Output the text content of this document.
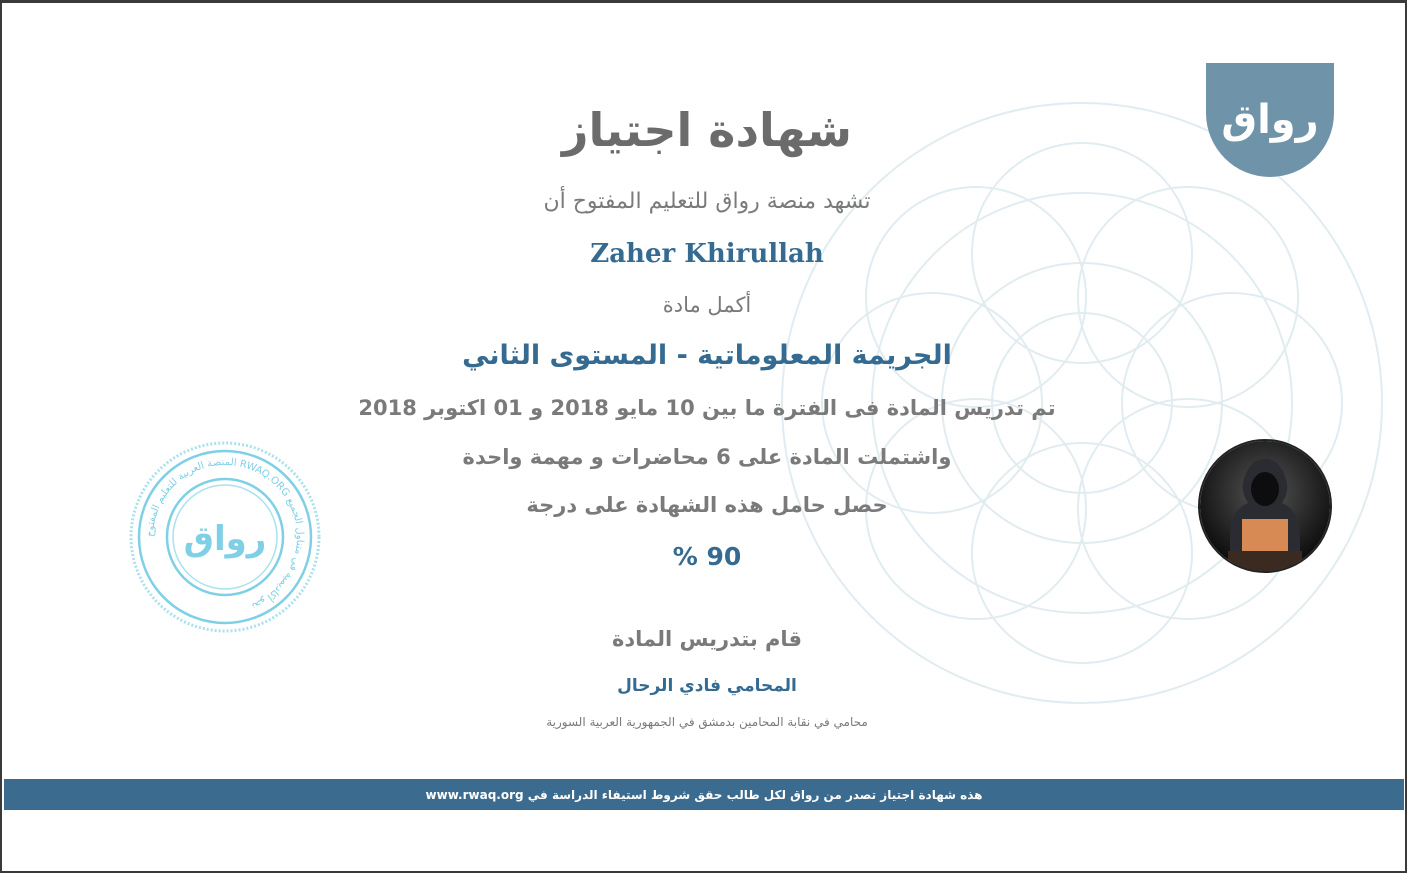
رواق
شهادة اجتياز
تشهد منصة رواق للتعليم المفتوح أن
Zaher Khirullah
أكمل مادة
الجريمة المعلوماتية - المستوى الثاني
تم تدريس المادة فى الفترة ما بين 10 مايو 2018 و 01 اكتوبر 2018
واشتملت المادة على 6 محاضرات و مهمة واحدة
حصل حامل هذه الشهادة على درجة
90 %
قام بتدريس المادة
المحامي فادي الرحال
محامي في نقابة المحامين بدمشق في الجمهورية العربية السورية
المنصة العربية للتعليم المفتوح RWAQ.ORG نحو أكاديمية في متناول الجميع
رواق
هذه شهادة اجتياز تصدر من رواق لكل طالب حقق شروط استيفاء الدراسة في www.rwaq.org
